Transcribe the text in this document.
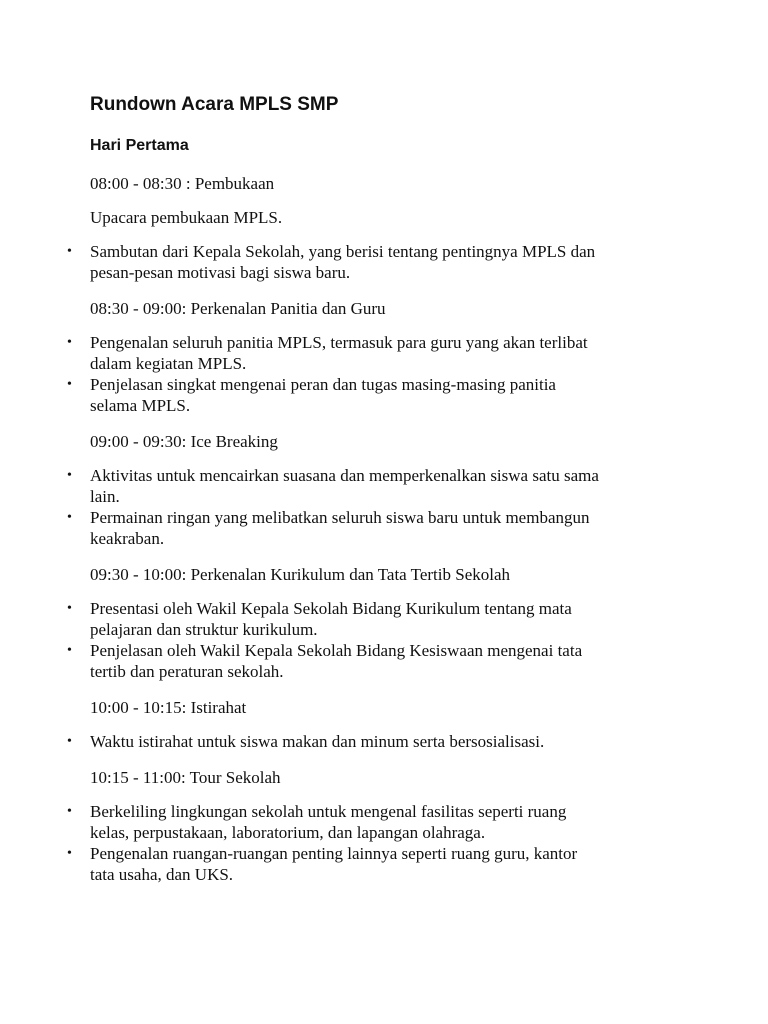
Rundown Acara MPLS SMP
Hari Pertama

08:00 - 08:30 : Pembukaan

Upacara pembukaan MPLS.

• Sambutan dari Kepala Sekolah, yang berisi tentang pentingnya MPLS dan
pesan-pesan motivasi bagi siswa baru.

08:30 - 09:00: Perkenalan Panitia dan Guru

• Pengenalan seluruh panitia MPLS, termasuk para guru yang akan terlibat
dalam kegiatan MPLS.
• Penjelasan singkat mengenai peran dan tugas masing-masing panitia
selama MPLS.

09:00 - 09:30: Ice Breaking

• Aktivitas untuk mencairkan suasana dan memperkenalkan siswa satu sama
lain.
• Permainan ringan yang melibatkan seluruh siswa baru untuk membangun
keakraban.

09:30 - 10:00: Perkenalan Kurikulum dan Tata Tertib Sekolah

• Presentasi oleh Wakil Kepala Sekolah Bidang Kurikulum tentang mata
pelajaran dan struktur kurikulum.
• Penjelasan oleh Wakil Kepala Sekolah Bidang Kesiswaan mengenai tata
tertib dan peraturan sekolah.

10:00 - 10:15: Istirahat

• Waktu istirahat untuk siswa makan dan minum serta bersosialisasi.

10:15 - 11:00: Tour Sekolah

• Berkeliling lingkungan sekolah untuk mengenal fasilitas seperti ruang
kelas, perpustakaan, laboratorium, dan lapangan olahraga.
• Pengenalan ruangan-ruangan penting lainnya seperti ruang guru, kantor
tata usaha, dan UKS.
